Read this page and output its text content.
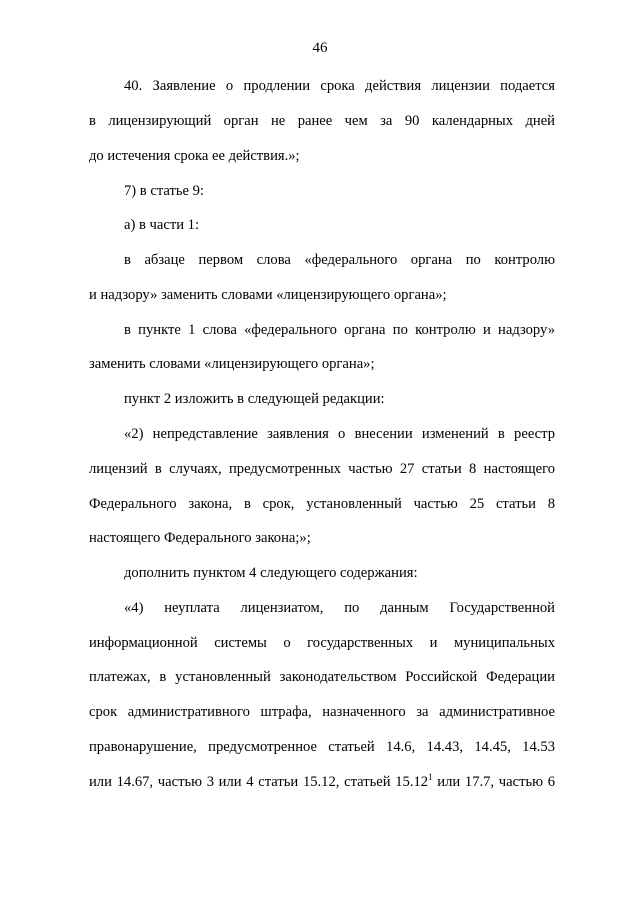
46
40. Заявление о продлении срока действия лицензии подается
в лицензирующий орган не ранее чем за 90 календарных дней
до истечения срока ее действия.»;
7) в статье 9:
а) в части 1:
в абзаце первом слова «федерального органа по контролю
и надзору» заменить словами «лицензирующего органа»;
в пункте 1 слова «федерального органа по контролю и надзору»
заменить словами «лицензирующего органа»;
пункт 2 изложить в следующей редакции:
«2) непредставление заявления о внесении изменений в реестр
лицензий в случаях, предусмотренных частью 27 статьи 8 настоящего
Федерального закона, в срок, установленный частью 25 статьи 8
настоящего Федерального закона;»;
дополнить пунктом 4 следующего содержания:
«4) неуплата лицензиатом, по данным Государственной
информационной системы о государственных и муниципальных
платежах, в установленный законодательством Российской Федерации
срок административного штрафа, назначенного за административное
правонарушение, предусмотренное статьей 14.6, 14.43, 14.45, 14.53
или 14.67, частью 3 или 4 статьи 15.12, статьей 15.12$^1$ или 17.7, частью 6
